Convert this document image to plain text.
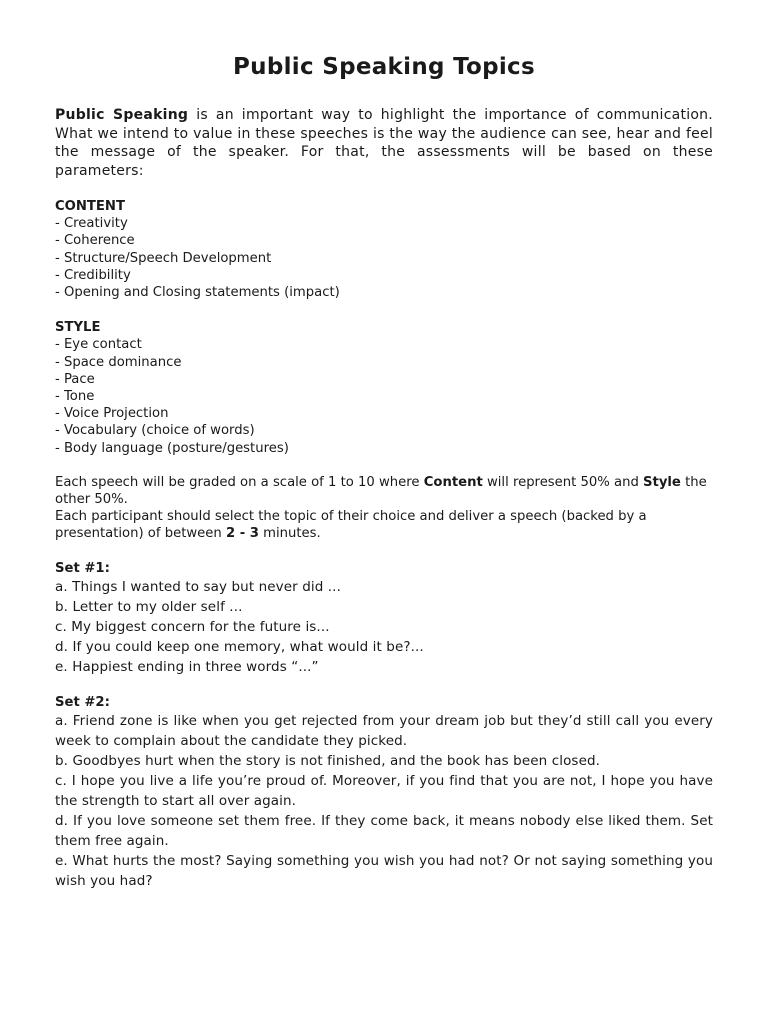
Public Speaking Topics

Public Speaking is an important way to highlight the importance of communication. What we intend to value in these speeches is the way the audience can see, hear and feel the message of the speaker. For that, the assessments will be based on these parameters:

CONTENT
- Creativity
- Coherence
- Structure/Speech Development
- Credibility
- Opening and Closing statements (impact)
STYLE
- Eye contact
- Space dominance
- Pace
- Tone
- Voice Projection
- Vocabulary (choice of words)
- Body language (posture/gestures)
Each speech will be graded on a scale of 1 to 10 where Content will represent 50% and Style the other 50%.
Each participant should select the topic of their choice and deliver a speech (backed by a presentation) of between 2 - 3 minutes.
Set #1:
a. Things I wanted to say but never did ...
b. Letter to my older self ...
c. My biggest concern for the future is...
d. If you could keep one memory, what would it be?...
e. Happiest ending in three words “...”
Set #2:
a. Friend zone is like when you get rejected from your dream job but they’d still call you every week to complain about the candidate they picked.
b. Goodbyes hurt when the story is not finished, and the book has been closed.
c. I hope you live a life you’re proud of. Moreover, if you find that you are not, I hope you have the strength to start all over again.
d. If you love someone set them free. If they come back, it means nobody else liked them. Set them free again.
e. What hurts the most? Saying something you wish you had not? Or not saying something you wish you had?
